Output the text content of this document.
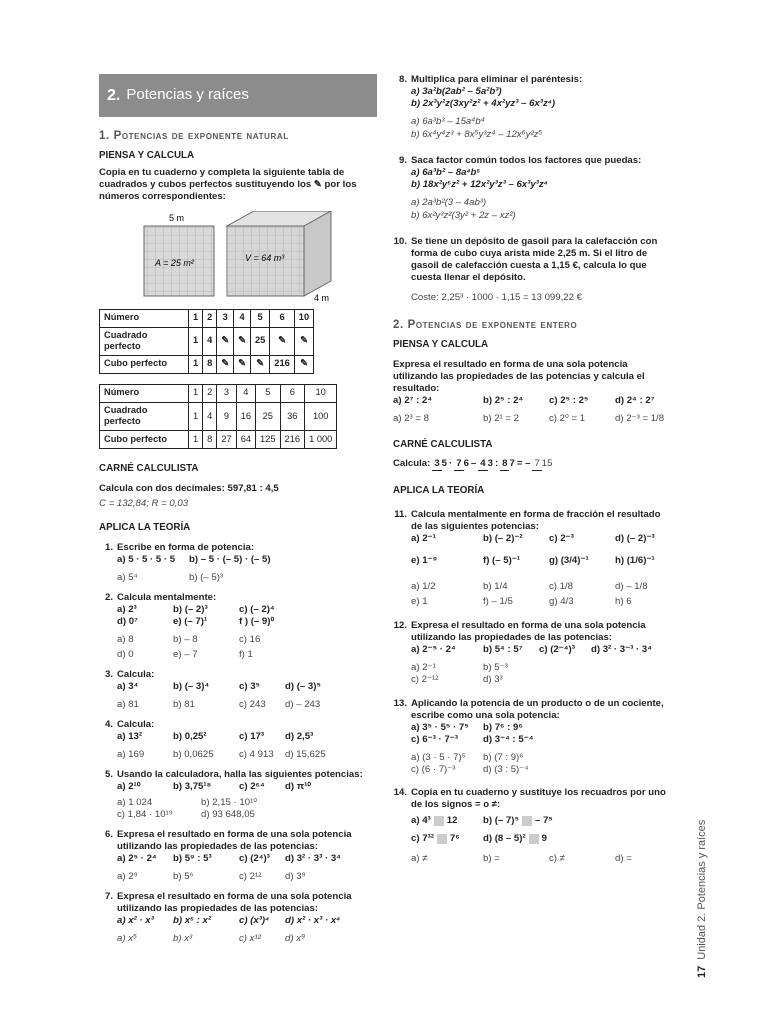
2. Potencias y raíces
1. Potencias de exponente natural
PIENSA Y CALCULA
Copia en tu cuaderno y completa la siguiente tabla de cuadrados y cubos perfectos sustituyendo los ✎ por los números correspondientes:
5 m
A = 25 m²	V = 64 m³
4 m
Número	1	2	3	4	5	6	10
Cuadrado perfecto	1	4	✎	✎	25	✎	✎
Cubo perfecto	1	8	✎	✎	✎	216	✎
Número	1	2	3	4	5	6	10
Cuadrado perfecto	1	4	9	16	25	36	100
Cubo perfecto	1	8	27	64	125	216	1 000
CARNÉ CALCULISTA
Calcula con dos decimales: 597,81 : 4,5
C = 132,84; R = 0,03
APLICA LA TEORÍA
1. Escribe en forma de potencia:
a) 5 · 5 · 5 · 5	b) – 5 · (– 5) · (– 5)
a) 5⁴	b) (– 5)³
2. Calcula mentalmente:
a) 2³	b) (– 2)³	c) (– 2)⁴
d) 0⁷	e) (– 7)¹	f ) (– 9)⁰
a) 8	b) – 8	c) 16
d) 0	e) – 7	f) 1
3. Calcula:
a) 3⁴	b) (– 3)⁴	c) 3⁵	d) (– 3)⁵
a) 81	b) 81	c) 243	d) – 243
4. Calcula:
a) 13²	b) 0,25²	c) 17³	d) 2,5³
a) 169	b) 0,0625	c) 4 913	d) 15,625
5. Usando la calculadora, halla las siguientes potencias:
a) 2¹⁰	b) 3,75¹⁸	c) 2⁶⁴	d) π¹⁰
a) 1 024	b) 2,15 · 10¹⁰
c) 1,84 · 10¹⁹	d) 93 648,05
6. Expresa el resultado en forma de una sola potencia utilizando las propiedades de las potencias:
a) 2⁵ · 2⁴	b) 5⁹ : 5³	c) (2⁴)³	d) 3² · 3³ · 3⁴
a) 2⁹	b) 5⁶	c) 2¹²	d) 3⁹
7. Expresa el resultado en forma de una sola potencia utilizando las propiedades de las potencias:
a) x² · x³	b) x⁵ : x²	c) (x³)⁴	d) x² · x³ · x⁴
a) x⁵	b) x³	c) x¹²	d) x⁹
8. Multiplica para eliminar el paréntesis:
a) 3a²b(2ab² – 5a²b³)
b) 2x³y²z(3xy²z² + 4x²yz³ – 6x³z⁴)
a) 6a³b³ – 15a⁴b⁴
b) 6x⁴y⁴z³ + 8x⁵y³z⁴ – 12x⁶y²z⁵
9. Saca factor común todos los factores que puedas:
a) 6a³b² – 8a⁴b⁵
b) 18x²y⁵z² + 12x²y³z³ – 6x³y³z⁴
a) 2a³b²(3 – 4ab³)
b) 6x²y³z²(3y² + 2z – xz²)
10. Se tiene un depósito de gasoil para la calefacción con forma de cubo cuya arista mide 2,25 m. Si el litro de gasoil de calefacción cuesta a 1,15 €, calcula lo que cuesta llenar el depósito.
Coste: 2,25³ · 1000 · 1,15 = 13 099,22 €
2. Potencias de exponente entero
PIENSA Y CALCULA
Expresa el resultado en forma de una sola potencia utilizando las propiedades de las potencias y calcula el resultado:
a) 2⁷ : 2⁴	b) 2⁵ : 2⁴	c) 2⁵ : 2⁵	d) 2⁴ : 2⁷
a) 2³ = 8	b) 2¹ = 2	c) 2⁰ = 1	d) 2⁻³ = 1/8
CARNÉ CALCULISTA
Calcula: 3 5 · 7 6 – 4 3 : 8 7 = – 7 15
APLICA LA TEORÍA
11. Calcula mentalmente en forma de fracción el resultado de las siguientes potencias:
a) 2⁻¹	b) (– 2)⁻²	c) 2⁻³	d) (– 2)⁻³
e) 1⁻⁹	f) (– 5)⁻¹	g) (3/4)⁻¹	h) (1/6)⁻¹
a) 1/2	b) 1/4	c) 1/8	d) – 1/8
e) 1	f) – 1/5	g) 4/3	h) 6
12. Expresa el resultado en forma de una sola potencia utilizando las propiedades de las potencias:
a) 2⁻⁵ · 2⁴	b) 5⁴ : 5⁷	c) (2⁻⁴)³	d) 3² · 3⁻³ · 3⁴
a) 2⁻¹	b) 5⁻³
c) 2⁻¹²	d) 3³
13. Aplicando la potencia de un producto o de un cociente, escribe como una sola potencia:
a) 3⁵ · 5⁵ · 7⁵	b) 7⁶ : 9⁶
c) 6⁻³ · 7⁻³	d) 3⁻⁴ : 5⁻⁴
a) (3 · 5 · 7)⁵	b) (7 : 9)⁶
c) (6 · 7)⁻³	d) (3 : 5)⁻⁴
14. Copia en tu cuaderno y sustituye los recuadros por uno de los signos = o ≠:
a) 4³ 12	b) (– 7)⁵ – 7⁵
c) 7³² 7⁶	d) (8 – 5)² 9
a) ≠	b) =	c) ≠	d) =
17Unidad 2. Potencias y raíces
